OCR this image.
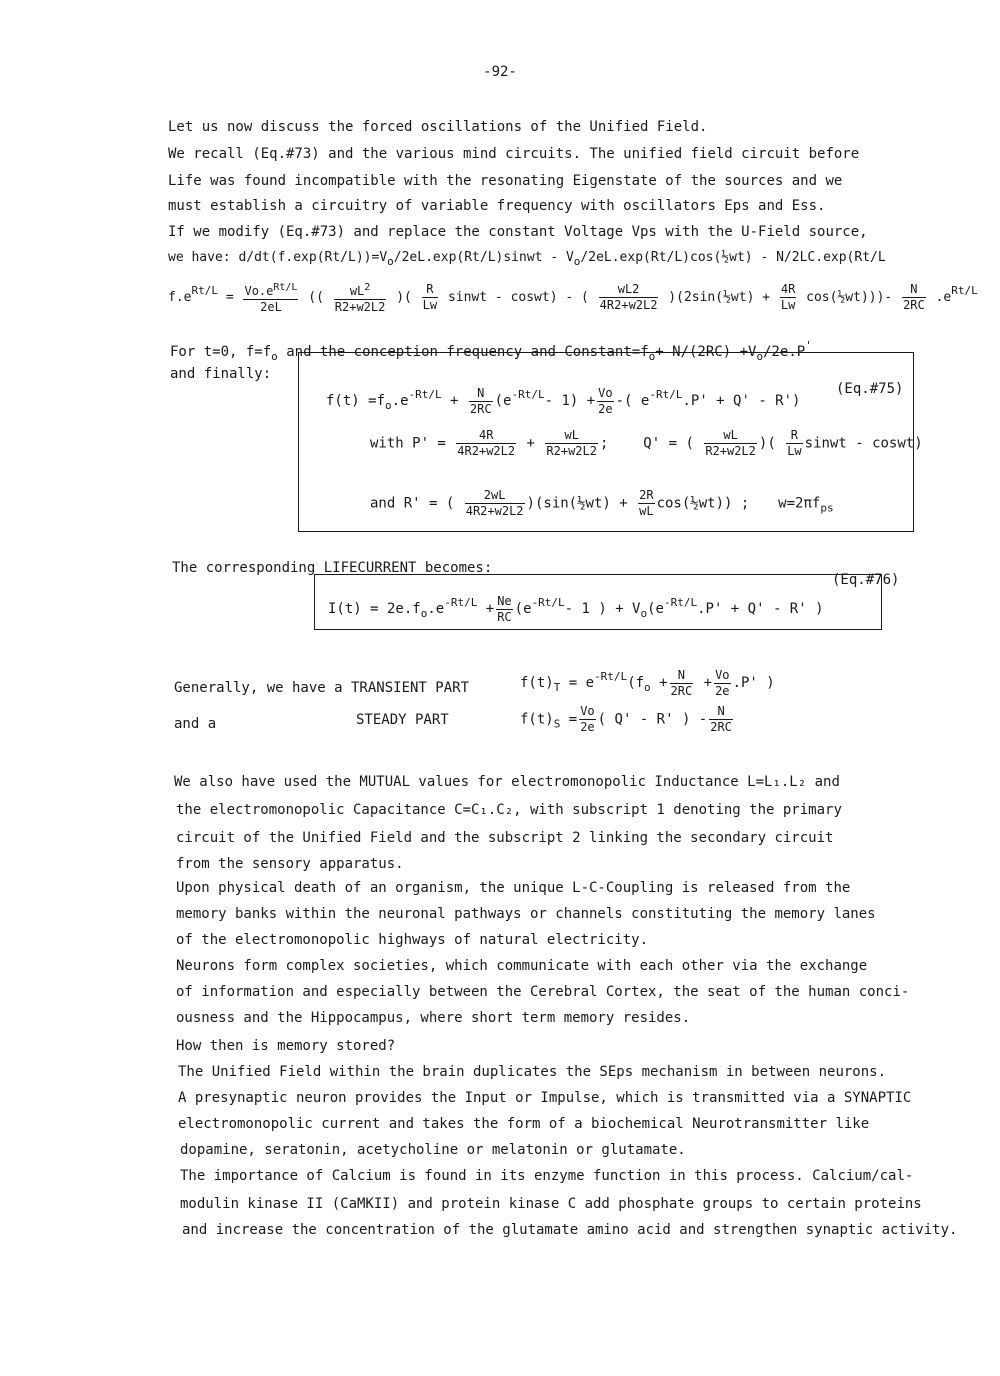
-92-
Let us now discuss the forced oscillations of the Unified Field.
We recall (Eq.#73) and the various mind circuits. The unified field circuit before
Life was found incompatible with the resonating Eigenstate of the sources and we
must establish a circuitry of variable frequency with oscillators Eps and Ess.
If we modify (Eq.#73) and replace the constant Voltage Vps with the U-Field source,
we have: $d/dt(f.\exp(Rt/L))=V_o/2eL.\exp(Rt/L)sinwt$ - $V_o/2eL.\exp(Rt/L)\cos(\frac{1}{2}wt) - N/2LC.\exp(Rt/L$
$f.e^{Rt/L} = \frac{Vo.e^{Rt/L}}{2eL}$ (( $\frac{wL^2}{R2+w2L2}$ )( $\frac{R}{Lw}$ sinwt - coswt) - ( $\frac{wL2}{4R2+w2L2}$ )(2sin(½wt) + $\frac{4R}{Lw}$ cos(½wt)))- $\frac{N}{2RC} .e^{Rt/L}$
For t=0, $f=f_o$ and the conception frequency and $Constant=f_o+ N/(2RC) +V_o/2e.P'$
and finally:
$f(t) =f_o.e^{-Rt/L} + \frac{N}{2RC} (e^{-Rt/L}-$ $1) + \frac{Vo}{2e}$ -( $e^{-Rt/L}.P' + Q' - R'$)
(Eq.#75)
with $P' = \frac{4R}{4R2+w2L2} + \frac{wL}{R2+w2L2}$ ; Q' = ( $\frac{wL}{R2+w2L2}$ )( $\frac{R}{Lw}$ sinwt - coswt)
and R' = ( $\frac{2wL}{4R2+w2L2}$ )(sin(½wt) + $\frac{2R}{wL}$ cos(½wt)) ; $w=2\pi f_{ps}$
The corresponding LIFECURRENT becomes:
(Eq.#76)
$I(t) = 2e.f_o.e^{-Rt/L} + \frac{Ne}{RC} (e^{-Rt/L}-$ 1 ) + $V_o(e^{-Rt/L}.P' + Q' - R'$ )
Generally, we have a TRANSIENT PART	$f(t)_T = e^{-Rt/L}(f_o + \frac{N}{2RC} + \frac{Vo}{2e} .P'$ )
and a	STEADY PART	$f(t)_S = \frac{Vo}{2e}$ ( Q' - R' ) - $\frac{N}{2RC}$
We also have used the MUTUAL values for electromonopolic Inductance L=L₁.L₂ and
the electromonopolic Capacitance C=C₁.C₂, with subscript 1 denoting the primary
circuit of the Unified Field and the subscript 2 linking the secondary circuit
from the sensory apparatus.
Upon physical death of an organism, the unique L-C-Coupling is released from the
memory banks within the neuronal pathways or channels constituting the memory lanes
of the electromonopolic highways of natural electricity.
Neurons form complex societies, which communicate with each other via the exchange
of information and especially between the Cerebral Cortex, the seat of the human conci-
ousness and the Hippocampus, where short term memory resides.
How then is memory stored?
The Unified Field within the brain duplicates the SEps mechanism in between neurons.
A presynaptic neuron provides the Input or Impulse, which is transmitted via a SYNAPTIC
electromonopolic current and takes the form of a biochemical Neurotransmitter like
dopamine, seratonin, acetycholine or melatonin or glutamate.
The importance of Calcium is found in its enzyme function in this process. Calcium/cal-
modulin kinase II (CaMKII) and protein kinase C add phosphate groups to certain proteins
and increase the concentration of the glutamate amino acid and strengthen synaptic activity.
